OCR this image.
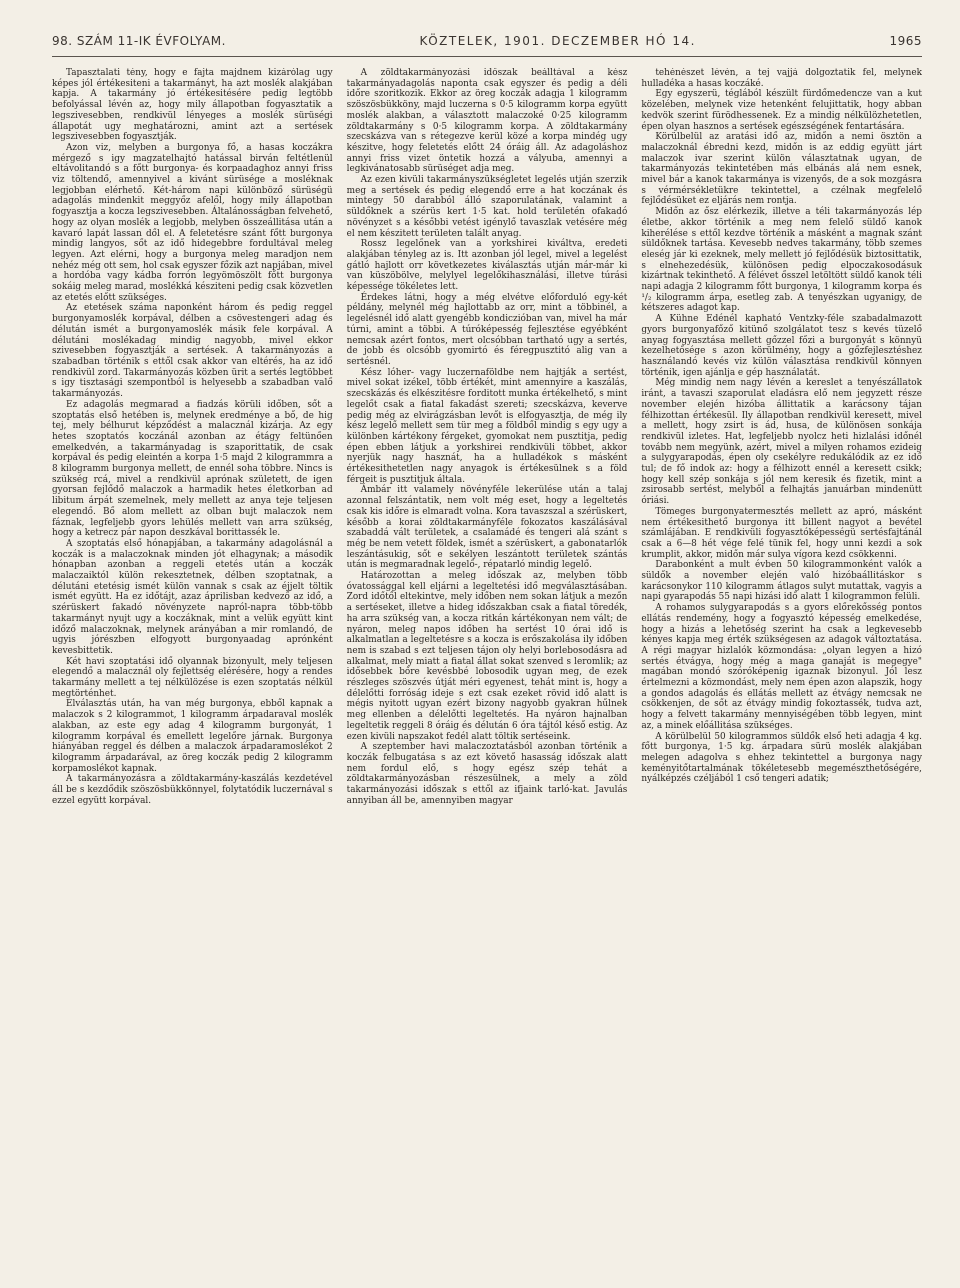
98. SZÁM 11-IK ÉVFOLYAM.	KÖZTELEK, 1901. DECZEMBER HÓ 14.	1965

Tapasztalati tény, hogy e fajta majdnem kizárólag ugy képes jól értékesiteni a takarmányt, ha azt moslék alakjában kapja. A takarmány jó értékesitésére pedig legtöbb befolyással lévén az, hogy mily állapotban fogyasztatik a legszivesebben, rendkivül lényeges a moslék sürüségi állapotát ugy meghatározni, amint azt a sertések legszivesebben fogyasztják.

Azon viz, melyben a burgonya fő, a hasas koczákra mérgező s igy magzatelhajtó hatással birván feltétlenül eltávolitandó s a főtt burgonya- és korpaadaghoz annyi friss viz töltendő, amennyivel a kivánt sürüsége a mosléknak legjobban elérhető. Két-három napi különböző sürüségü adagolás mindenkit meggyőz afelől, hogy mily állapotban fogyasztja a kocza legszivesebben. Általánosságban felvehető, hogy az olyan moslék a legjobb, melyben összeállitása után a kavaró lapát lassan dől el. A feletetésre szánt főtt burgonya mindig langyos, sőt az idő hidegebbre fordultával meleg legyen. Azt elérni, hogy a burgonya meleg maradjon nem nehéz még ott sem, hol csak egyszer főzik azt napjában, mivel a hordóba vagy kádba forrón legyömöszölt főtt burgonya sokáig meleg marad, moslékká késziteni pedig csak közvetlen az etetés előtt szükséges.

Az etetések száma naponként három és pedig reggel burgonyamoslék korpával, délben a csövestengeri adag és délután ismét a burgonyamoslék másik fele korpával. A délutáni moslékadag mindig nagyobb, mivel ekkor szivesebben fogyasztják a sertések. A takarmányozás a szabadban történik s ettől csak akkor van eltérés, ha az idő rendkivül zord. Takarmányozás közben ürit a sertés legtöbbet s igy tisztasági szempontból is helyesebb a szabadban valő takarmányozás.

Ez adagolás megmarad a fiadzás körüli időben, sőt a szoptatás első hetében is, melynek eredménye a bő, de hig tej, mely bélhurut képződést a malacznál kizárja. Az egy hetes szoptatós koczánál azonban az étágy feltünően emelkedvén, a takarmányadag is szaporittatik, de csak korpával és pedig eleintén a korpa 1·5 majd 2 kilogrammra a 8 kilogramm burgonya mellett, de ennél soha többre. Nincs is szükség rcá, mivel a rendkivül aprónak született, de igen gyorsan fejlődő malaczok a harmadik hetes életkorban ad libitum árpát szemelnek, mely mellett az anya teje teljesen elegendő. Bő alom mellett az olban bujt malaczok nem fáznak, legfeljebb gyors lehülés mellett van arra szükség, hogy a ketrecz pár napon deszkával borittassék le.

A szoptatás első hónapjában, a takarmány adagolásnál a koczák is a malaczoknak minden jót elhagynak; a második hónapban azonban a reggeli etetés után a koczák malaczaiktól külön rekesztetnek, délben szoptatnak, a délutáni etetésig ismét külön vannak s csak az éjjelt töltik ismét együtt. Ha ez időtájt, azaz áprilisban kedvező az idő, a szérüskert fakadó növényzete napról-napra több-több takarmányt nyujt ugy a koczáknak, mint a velük együtt kint időző malaczoknak, melynek arányában a mir romlandó, de ugyis jórészben elfogyott burgonyaadag aprónként kevesbittetik.

Két havi szoptatási idő olyannak bizonyult, mely teljesen elegendő a malacznál oly fejlettség elérésére, hogy a rendes takarmány mellett a tej nélkülözése is ezen szoptatás nélkül megtörténhet.

Elválasztás után, ha van még burgonya, ebből kapnak a malaczok s 2 kilogrammot, 1 kilogramm árpadaraval moslék alakban, az este egy adag 4 kilogramm burgonyát, 1 kilogramm korpával és emellett legelőre járnak. Burgonya hiányában reggel és délben a malaczok árpadaramoslékot 2 kilogramm árpadarával, az öreg koczák pedig 2 kilogramm korpamoslékot kapnak.

A takarmányozásra a zöldtakarmány-kaszálás kezdetével áll be s kezdődik szöszösbükkönnyel, folytatódik luczernával s ezzel együtt korpával.

A zöldtakarmányozási időszak beálltával a kész takarmányadagolás naponta csak egyszer és pedig a déli időre szoritkozik. Ekkor az öreg koczák adagja 1 kilogramm szöszösbükköny, majd luczerna s 0·5 kilogramm korpa együtt moslék alakban, a választott malaczoké 0·25 kilogramm zöldtakarmány s 0·5 kilogramm korpa. A zöldtakarmány szecskázva van s rétegezve kerül közé a korpa mindég ugy készitve, hogy feletetés előtt 24 óráig áll. Az adagoláshoz annyi friss vizet öntetik hozzá a vályuba, amennyi a legkivánatosabb sürüséget adja meg.

Az ezen kivüli takarmányszükségletet legelés utján szerzik meg a sertések és pedig elegendő erre a hat koczának és mintegy 50 darabból álló szaporulatának, valamint a süldőknek a szérüs kert 1·5 kat. hold területén ofakadó növényzet s a későbbi vetést igénylő tavaszlak vetésére még el nem készitett területen talált anyag.

Rossz legelőnek van a yorkshirei kiváltva, eredeti alakjában tényleg az is. Itt azonban jól legel, mivel a legelést gátló hajlott orr következetes kiválasztás utján már-már ki van küszöbölve, melylyel legelőkihasználási, illetve túrási képessége tökéletes lett.

Érdekes látni, hogy a még elvétve előforduló egy-két példány, melynél még hajlottabb az orr, mint a többinél, a legelésnél idő alatt gyengébb kondiczióban van, mivel ha már túrni, amint a többi. A túróképesség fejlesztése egyébként nemcsak azért fontos, mert olcsóbban tartható ugy a sertés, de jobb és olcsóbb gyomirtó és féregpusztitó alig van a sertésnél.

Kész lóher- vagy luczernaföldbe nem hajtják a sertést, mivel sokat izékel, több értékét, mint amennyire a kaszálás, szecskázás és elkészitésre forditott munka értékelhető, s mint legelőt csak a fiatal fakadást szereti; szecskázva, keverve pedig még az elvirágzásban levőt is elfogyasztja, de még ily kész legelő mellett sem tür meg a földből mindig s egy ugy a különben kártékony férgeket, gyomokat nem pusztitja, pedig épen ebben látjuk a yorkshirei rendkivüli többet, akkor nyerjük nagy hasznát, ha a hulladékok s másként értékesithetetlen nagy anyagok is értékesülnek s a föld férgeit is pusztitjuk általa.

Ámbár itt valamely növényféle lekerülése után a talaj azonnal felszántatik, nem volt még eset, hogy a legeltetés csak kis időre is elmaradt volna. Kora tavaszszal a szérüskert, később a korai zöldtakarmányféle fokozatos kaszálásával szabaddá vált területek, a csalamádé és tengeri alá szánt s még be nem vetett földek, ismét a szérüskert, a gabonatarlók leszántásukig, sőt e sekélyen leszántott területek szántás után is megmaradnak legelő-, répatarló mindig legelő.

Határozottan a meleg időszak az, melyben több óvatossággal kell eljárni a legeltetési idő megválasztásában. Zord időtől eltekintve, mely időben nem sokan látjuk a mezőn a sertéseket, illetve a hideg időszakban csak a fiatal töredék, ha arra szükség van, a kocza ritkán kártékonyan nem vált; de nyáron, meleg napos időben ha sertést 10 órai idő is alkalmatlan a legeltetésre s a kocza is erőszakolása ily időben nem is szabad s ezt teljesen tájon oly helyi borlebosodásra ad alkalmat, mely miatt a fiatal állat sokat szenved s leromlik; az idősebbek bőre kevésbbé lobosodik ugyan meg, de ezek részleges szöszvés útját méri egyenest, tehát mint is, hogy a délelőtti forróság ideje s ezt csak ezeket rövid idő alatt is mégis nyitott ugyan ezért bizony nagyobb gyakran hűlnek meg ellenben a délelőtti legeltetés. Ha nyáron hajnalban legeltetik reggeli 8 óráig és délután 6 óra tájtól késő estig. Az ezen kivüli napszakot fedél alatt töltik sertéseink.

A szeptember havi malaczoztatásból azonban történik a koczák felbugatása s az ezt követő hasasság időszak alatt nem fordul elő, s hogy egész szép tehát a zöldtakarmányozásban részesülnek, a mely a zöld takarmányozási időszak s ettől az ifjaink tarló-kat. Javulás annyiban áll be, amennyiben magyar

tehénészet lévén, a tej vajjá dolgoztatik fel, melynek hulladéka a hasas koczáké.

Egy egyszerü, téglából készült fürdőmedencze van a kut közelében, melynek vize hetenként felujittatik, hogy abban kedvök szerint fürödhessenek. Ez a mindig nélkülözhetetlen, épen olyan hasznos a sertések egészségének fentartására.

Körülbelül az aratási idő az, midőn a nemi ösztön a malaczoknál ébredni kezd, midőn is az eddig együtt járt malaczok ivar szerint külön választatnak ugyan, de takarmányozás tekintetében más elbánás alá nem esnek, mivel bár a kanok takarmánya is vizenyős, de a sok mozgásra s vérmérsékletükre tekintettel, a czélnak megfelelő fejlődésüket ez eljárás nem rontja.

Midőn az ősz elérkezik, illetve a téli takarmányozás lép életbe, akkor történik a meg nem felelő süldő kanok kiherélése s ettől kezdve történik a másként a magnak szánt süldőknek tartása. Kevesebb nedves takarmány, több szemes eleség jár ki ezeknek, mely mellett jó fejlődésük biztosittatik, s elnehezedésük, különösen pedig elpoczakosodásuk kizártnak tekinthető. A félévet ősszel letöltött süldő kanok téli napi adagja 2 kilogramm főtt burgonya, 1 kilogramm korpa és ¹/₂ kilogramm árpa, esetleg zab. A tenyészkan ugyanigy, de kétszeres adagot kap.

A Kühne Edénél kapható Ventzky-féle szabadalmazott gyors burgonyafőző kitünő szolgálatot tesz s kevés tüzelő anyag fogyasztása mellett gőzzel főzi a burgonyát s könnyü kezelhetősége s azon körülmény, hogy a gőzfejlesztéshez használandó kevés viz külön választása rendkivül könnyen történik, igen ajánlja e gép használatát.

Még mindig nem nagy lévén a kereslet a tenyészállatok iránt, a tavaszi szaporulat eladásra elő nem jegyzett része november elején hizóba állittatik a karácsony tájan félhizottan értékesül. Ily állapotban rendkivül keresett, mivel a mellett, hogy zsirt is ád, husa, de különösen sonkája rendkivül izletes. Hat, legfeljebb nyolcz heti hizlalási időnél tovább nem megyünk, azért, mivel a milyen rohamos ezideig a sulygyarapodás, épen oly csekélyre redukálódik az ez idő tul; de fő indok az: hogy a félhizott ennél a keresett csikk; hogy kell szép sonkája s jól nem keresik és fizetik, mint a zsirosabb sertést, melyből a felhajtás januárban mindenütt óriási.

Tömeges burgonyatermesztés mellett az apró, másként nem értékesithető burgonya itt billent nagyot a bevétel számlájában. E rendkivüli fogyasztóképességü sertésfajtánál csak a 6—8 hét vége felé tünik fel, hogy unni kezdi a sok krumplit, akkor, midőn már sulya vígora kezd csökkenni.

Darabonként a mult évben 50 kilogrammonként valók a süldők a november elején való hizóbaállitáskor s karácsonykor 110 kilogramm átlagos sulyt mutattak, vagyis a napi gyarapodás 55 napi hizási idő alatt 1 kilogrammon felüli.

A rohamos sulygyarapodás s a gyors előrekősség pontos ellátás rendemény, hogy a fogyasztó képesség emelkedése, hogy a hizás a lehetőség szerint ha csak a legkevesebb kényes kapja meg érték szükségesen az adagok változtatása. A régi magyar hizlalók közmondása: „olyan legyen a hizó sertés étvágya, hogy még a maga ganaját is megegye" magában mondó szóróképenig igaznak bizonyul. Jól lesz értelmezni a közmondást, mely nem épen azon alapszik, hogy a gondos adagolás és ellátás mellett az étvágy nemcsak ne csökkenjen, de sőt az étvágy mindig fokoztassék, tudva azt, hogy a felvett takarmány mennyiségében több legyen, mint az, a minek előállitása szükséges.

A körülbelül 50 kilogrammos süldők első heti adagja 4 kg. főtt burgonya, 1·5 kg. árpadara sürü moslék alakjában melegen adagolva s ehhez tekintettel a burgonya nagy keményitőtartalmának tökéletesebb megemészthetőségére, nyálképzés czéljából 1 cső tengeri adatik;
